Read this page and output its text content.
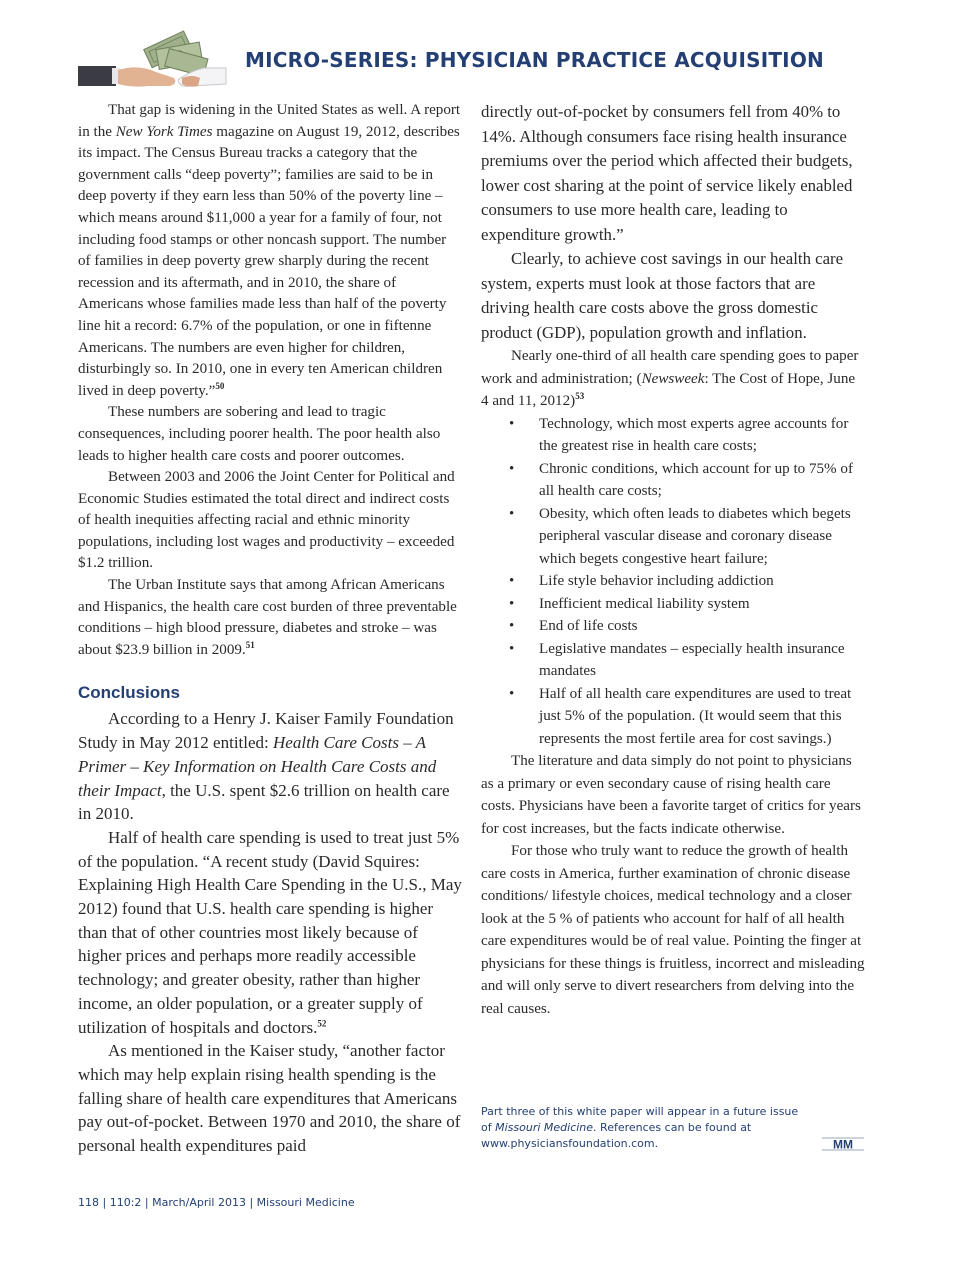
MICRO-SERIES: PHYSICIAN PRACTICE ACQUISITION

That gap is widening in the United States as well. A report in the New York Times magazine on August 19, 2012, describes its impact. The Census Bureau tracks a category that the government calls “deep poverty”; families are said to be in deep poverty if they earn less than 50% of the poverty line – which means around $11,000 a year for a family of four, not including food stamps or other noncash support. The number of families in deep poverty grew sharply during the recent recession and its aftermath, and in 2010, the share of Americans whose families made less than half of the poverty line hit a record: 6.7% of the population, or one in fiftenne Americans. The numbers are even higher for children, disturbingly so. In 2010, one in every ten American children lived in deep poverty.”$^{50}$

These numbers are sobering and lead to tragic consequences, including poorer health. The poor health also leads to higher health care costs and poorer outcomes.

Between 2003 and 2006 the Joint Center for Political and Economic Studies estimated the total direct and indirect costs of health inequities affecting racial and ethnic minority populations, including lost wages and productivity – exceeded $1.2 trillion.

The Urban Institute says that among African Americans and Hispanics, the health care cost burden of three preventable conditions – high blood pressure, diabetes and stroke – was about $23.9 billion in 2009.51

Conclusions

According to a Henry J. Kaiser Family Foundation Study in May 2012 entitled: Health Care Costs – A Primer – Key Information on Health Care Costs and their Impact, the U.S. spent $2.6 trillion on health care in 2010.

Half of health care spending is used to treat just 5% of the population. “A recent study (David Squires: Explaining High Health Care Spending in the U.S., May 2012) found that U.S. health care spending is higher than that of other countries most likely because of higher prices and perhaps more readily accessible technology; and greater obesity, rather than higher income, an older population, or a greater supply of utilization of hospitals and doctors.$^{52}$

As mentioned in the Kaiser study, “another factor which may help explain rising health spending is the falling share of health care expenditures that Americans pay out-of-pocket. Between 1970 and 2010, the share of personal health expenditures paid

directly out-of-pocket by consumers fell from 40% to 14%. Although consumers face rising health insurance premiums over the period which affected their budgets, lower cost sharing at the point of service likely enabled consumers to use more health care, leading to expenditure growth.”

Clearly, to achieve cost savings in our health care system, experts must look at those factors that are driving health care costs above the gross domestic product (GDP), population growth and inflation.

Nearly one-third of all health care spending goes to paper work and administration; (Newsweek: The Cost of Hope, June 4 and 11, 2012)$^{53}$

• Technology, which most experts agree accounts for the greatest rise in health care costs;
• Chronic conditions, which account for up to 75% of all health care costs;
• Obesity, which often leads to diabetes which begets peripheral vascular disease and coronary disease which begets congestive heart failure;
• Life style behavior including addiction
• Inefficient medical liability system
• End of life costs
• Legislative mandates – especially health insurance mandates
• Half of all health care expenditures are used to treat just 5% of the population. (It would seem that this represents the most fertile area for cost savings.)

The literature and data simply do not point to physicians as a primary or even secondary cause of rising health care costs. Physicians have been a favorite target of critics for years for cost increases, but the facts indicate otherwise.

For those who truly want to reduce the growth of health care costs in America, further examination of chronic disease conditions/ lifestyle choices, medical technology and a closer look at the 5 % of patients who account for half of all health care expenditures would be of real value. Pointing the finger at physicians for these things is fruitless, incorrect and misleading and will only serve to divert researchers from delving into the real causes.

Part three of this white paper will appear in a future issue of Missouri Medicine. References can be found at www.physiciansfoundation.com.	MM
118 | 110:2 | March/April 2013 | Missouri Medicine
